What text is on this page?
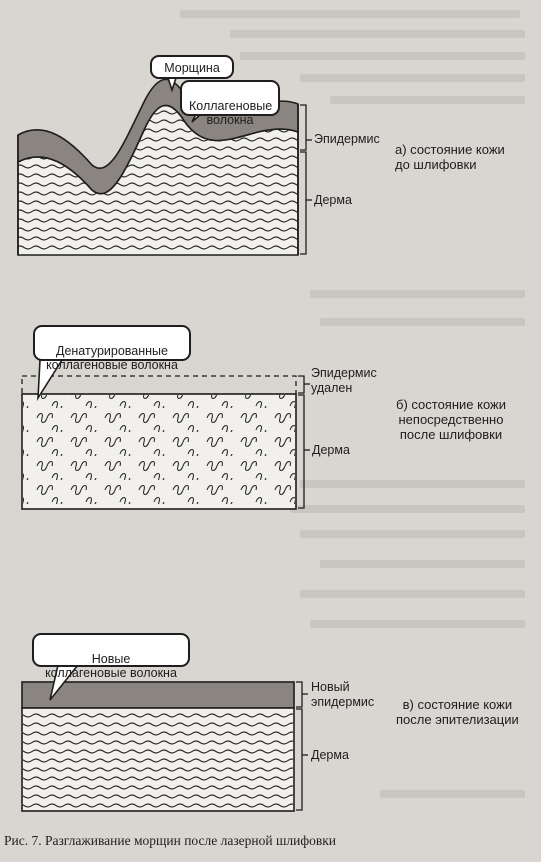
Морщина

Коллагеновые
волокна

Эпидермис
Дерма
а) состояние кожи
до шлифовки

Денатурированные
коллагеновые волокна

Эпидермис
удален
Дерма
б) состояние кожи
непосредственно
после шлифовки

Новые
коллагеновые волокна

Новый
эпидермис
Дерма
в) состояние кожи
после эпителизации
Рис. 7. Разглаживание морщин после лазерной шлифовки
